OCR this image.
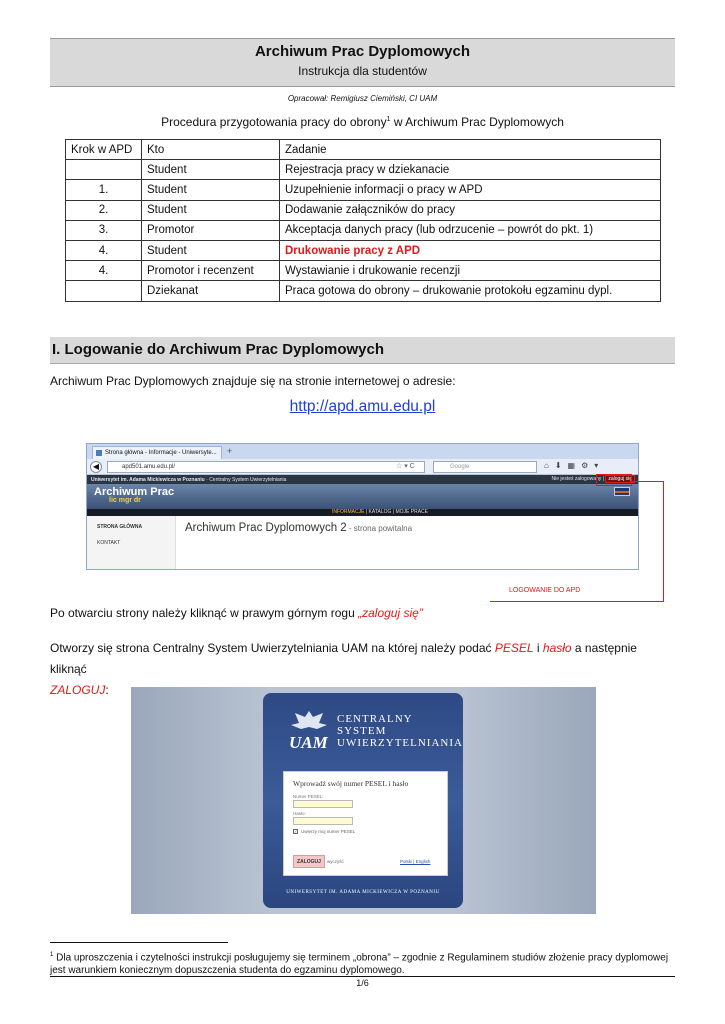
Archiwum Prac Dyplomowych
Instrukcja dla studentów
Opracował: Remigiusz Ciemiński, CI UAM
Procedura przygotowania pracy do obrony$^1$ w Archiwum Prac Dyplomowych
Krok w APD	Kto	Zadanie
	Student	Rejestracja pracy w dziekanacie
1.	Student	Uzupełnienie informacji o pracy w APD
2.	Student	Dodawanie załączników do pracy
3.	Promotor	Akceptacja danych pracy (lub odrzucenie – powrót do pkt. 1)
4.	Student	Drukowanie pracy z APD
4.	Promotor i recenzent	Wystawianie i drukowanie recenzji
	Dziekanat	Praca gotowa do obrony – drukowanie protokołu egzaminu dypl.
I. Logowanie do Archiwum Prac Dyplomowych
Archiwum Prac Dyplomowych znajduje się na stronie internetowej o adresie:
http://apd.amu.edu.pl
Strona główna - Informacje - Uniwersyte...	+
◀	apd501.amu.edu.pl/	☆ ▾ C	Google	⌂⬇▦⚙▾
Uniwersytet im. Adama Mickiewicza w Poznaniu · Centralny System Uwierzytelniania	Nie jesteś zalogowany | zaloguj się
Archiwum Prac
lic mgr dr
INFORMACJE | KATALOG | MOJE PRACE
STRONA GŁÓWNA
KONTAKT
Archiwum Prac Dyplomowych 2 - strona powitalna
LOGOWANIE DO APD
Po otwarciu strony należy kliknąć w prawym górnym rogu „zaloguj się”
Otworzy się strona Centralny System Uwierzytelniania UAM na której należy podać PESEL i hasło a następnie kliknąć
ZALOGUJ:
UAM
CENTRALNY SYSTEM
UWIERZYTELNIANIA
Wprowadź swój numer PESEL i hasło
Numer PESEL:
Hasło:
✓ Uwierzy moj numer PESEL
ZALOGUJ wyczyść	Polski | English
UNIWERSYTET IM. ADAMA MICKIEWICZA W POZNANIU
$^1$ Dla uproszczenia i czytelności instrukcji posługujemy się terminem „obrona” – zgodnie z Regulaminem studiów złożenie pracy dyplomowej jest warunkiem koniecznym dopuszczenia studenta do egzaminu dyplomowego.
1/6
